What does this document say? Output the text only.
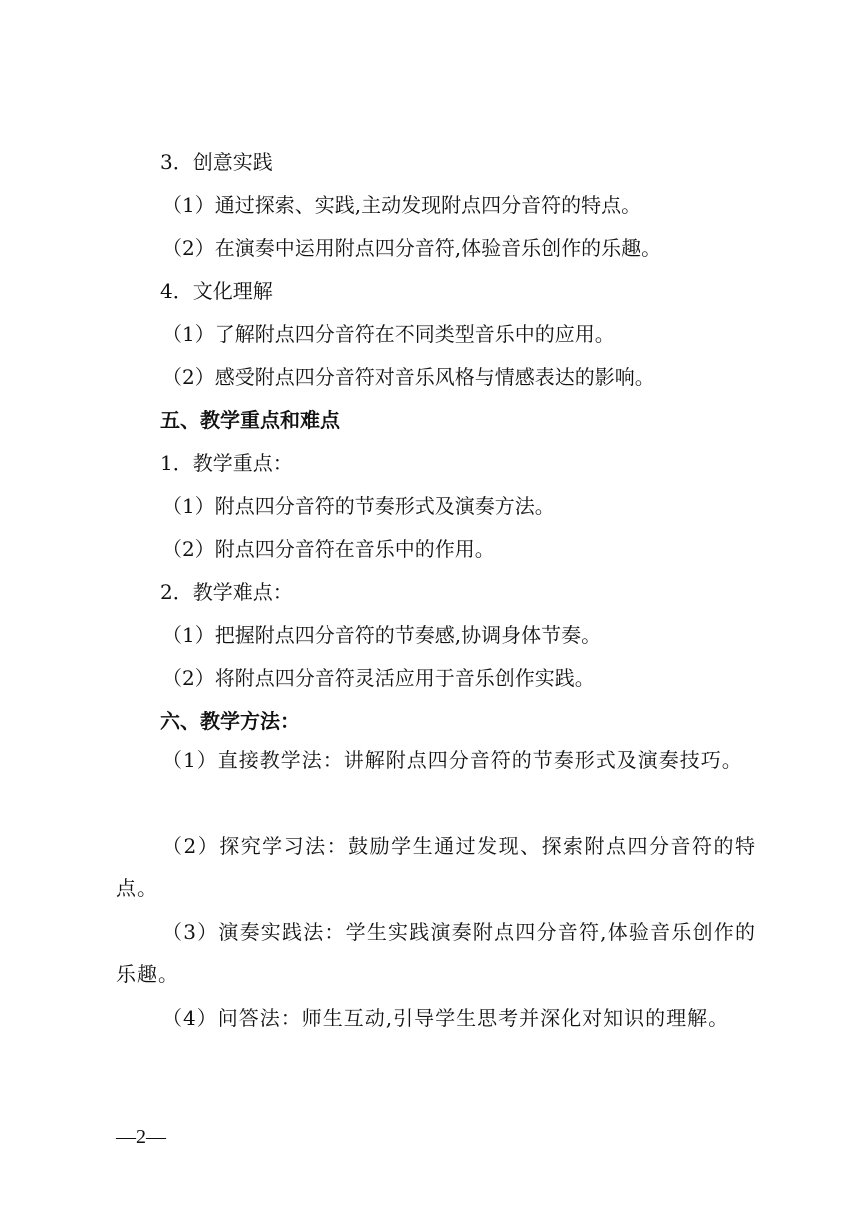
3．创意实践
（1）通过探索、实践,主动发现附点四分音符的特点。
（2）在演奏中运用附点四分音符,体验音乐创作的乐趣。
4．文化理解
（1）了解附点四分音符在不同类型音乐中的应用。
（2）感受附点四分音符对音乐风格与情感表达的影响。
五、教学重点和难点
1．教学重点：
（1）附点四分音符的节奏形式及演奏方法。
（2）附点四分音符在音乐中的作用。
2．教学难点：
（1）把握附点四分音符的节奏感,协调身体节奏。
（2）将附点四分音符灵活应用于音乐创作实践。
六、教学方法：
（1）直接教学法：讲解附点四分音符的节奏形式及演奏技巧。
（2）探究学习法：鼓励学生通过发现、探索附点四分音符的特点。
（3）演奏实践法：学生实践演奏附点四分音符,体验音乐创作的乐趣。
（4）问答法：师生互动,引导学生思考并深化对知识的理解。
—2—
